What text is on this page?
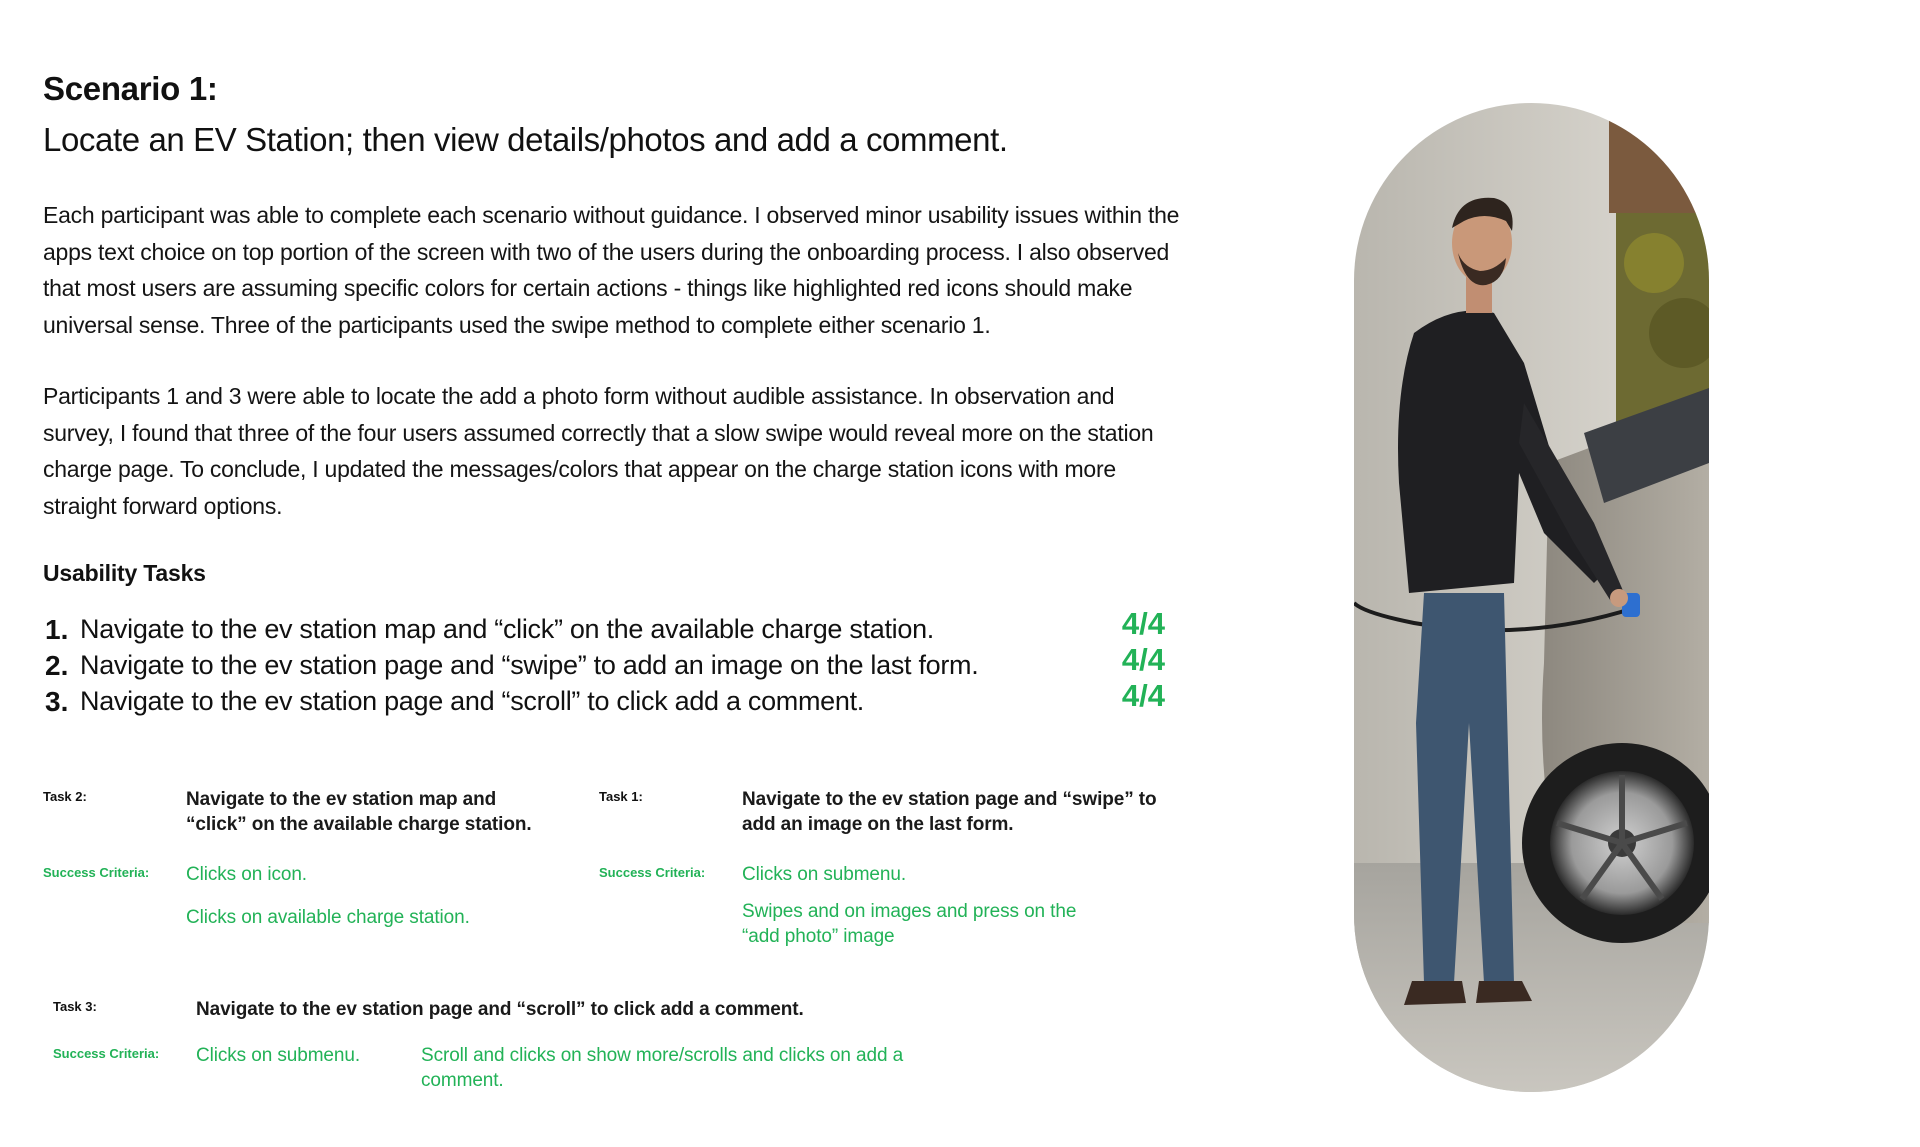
Scenario 1:
Locate an EV Station; then view details/photos and add a comment.
Each participant was able to complete each scenario without guidance. I observed minor usability issues within the apps text choice on top portion of the screen with two of the users during the onboarding process. I also observed that most users are assuming specific colors for certain actions - things like highlighted red icons should make universal sense. Three of the participants used the swipe method to complete either scenario 1.
Participants 1 and 3 were able to locate the add a photo form without audible assistance. In observation and survey, I found that three of the four users assumed correctly that a slow swipe would reveal more on the station charge page. To conclude, I updated the messages/colors that appear on the charge station icons with more straight forward options.
Usability Tasks
1. Navigate to the ev station map and “click” on the available charge station.	4/4
2. Navigate to the ev station page and “swipe” to add an image on the last form.	4/4
3. Navigate to the ev station page and “scroll” to click add a comment.	4/4
Task 2:	Navigate to the ev station map and “click” on the available charge station.
Success Criteria: Clicks on icon.
Clicks on available charge station.
Task 1:	Navigate to the ev station page and “swipe” to add an image on the last form.
Success Criteria: Clicks on submenu.
Swipes and on images and press on the “add photo” image
Task 3:	Navigate to the ev station page and “scroll” to click add a comment.
Success Criteria: Clicks on submenu.	Scroll and clicks on show more/scrolls and clicks on add a comment.
